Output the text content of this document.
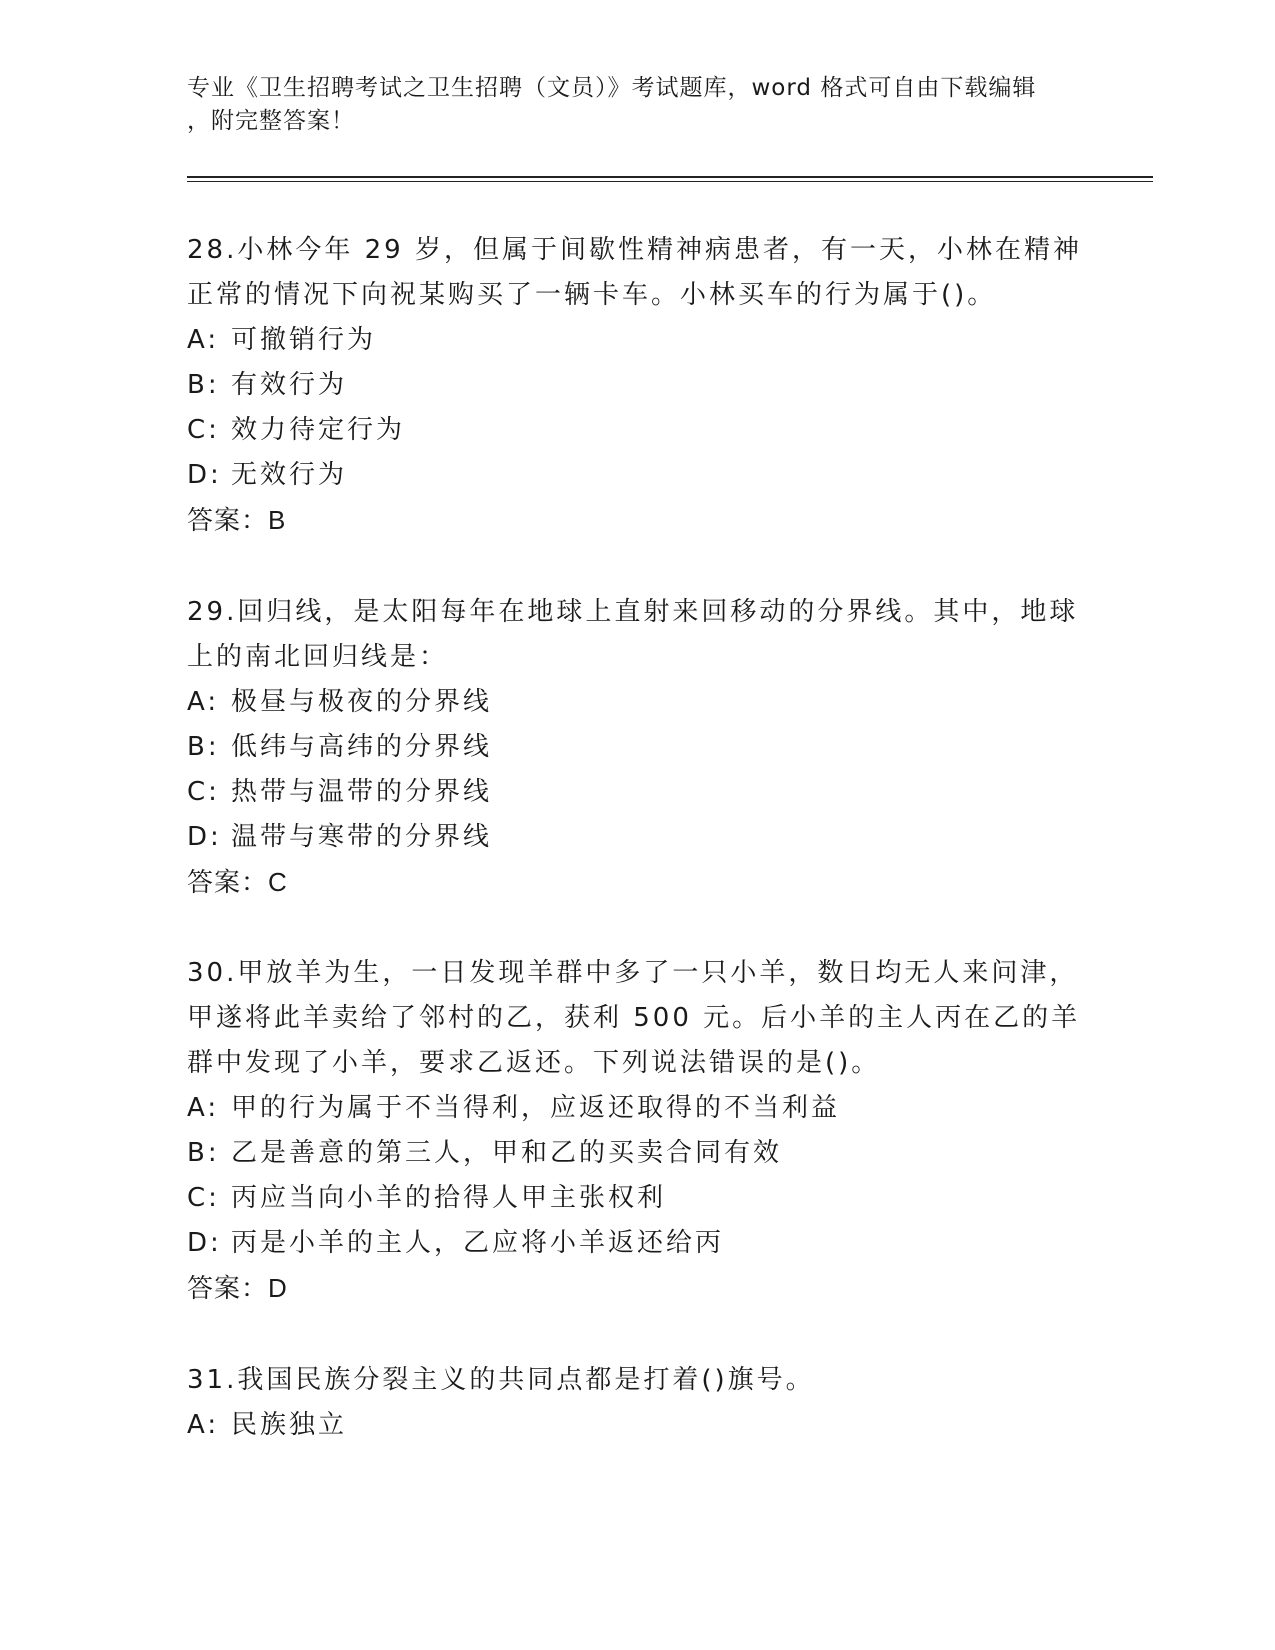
专业《卫生招聘考试之卫生招聘（文员）》考试题库，word 格式可自由下载编辑
，附完整答案！

28.小林今年 29 岁，但属于间歇性精神病患者，有一天，小林在精神

正常的情况下向祝某购买了一辆卡车。小林买车的行为属于()。

A: 可撤销行为

B: 有效行为

C: 效力待定行为

D: 无效行为

答案：B

29.回归线，是太阳每年在地球上直射来回移动的分界线。其中，地球

上的南北回归线是：

A: 极昼与极夜的分界线

B: 低纬与高纬的分界线

C: 热带与温带的分界线

D: 温带与寒带的分界线

答案：C

30.甲放羊为生，一日发现羊群中多了一只小羊，数日均无人来问津，

甲遂将此羊卖给了邻村的乙，获利 500 元。后小羊的主人丙在乙的羊

群中发现了小羊，要求乙返还。下列说法错误的是()。

A: 甲的行为属于不当得利，应返还取得的不当利益

B: 乙是善意的第三人，甲和乙的买卖合同有效

C: 丙应当向小羊的拾得人甲主张权利

D: 丙是小羊的主人，乙应将小羊返还给丙

答案：D

31.我国民族分裂主义的共同点都是打着()旗号。

A: 民族独立
